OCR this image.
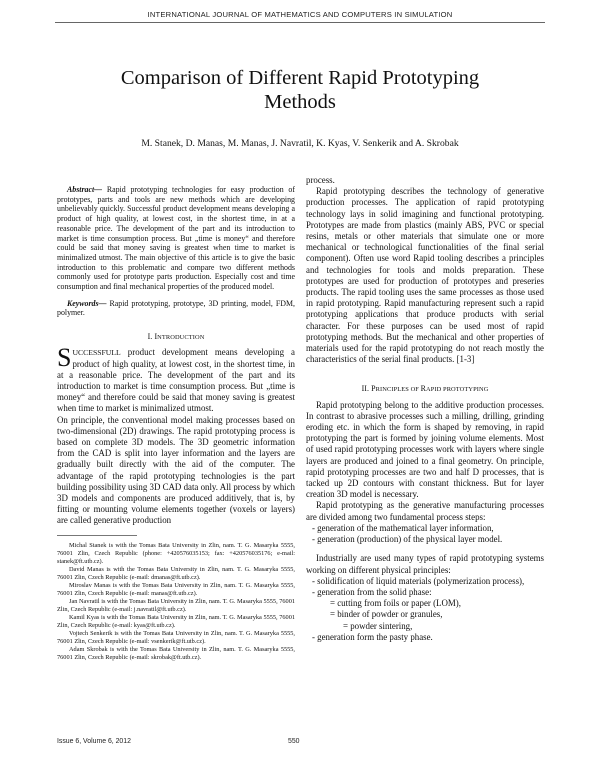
INTERNATIONAL JOURNAL OF MATHEMATICS AND COMPUTERS IN SIMULATION
Comparison of Different Rapid Prototyping
Methods
M. Stanek, D. Manas, M. Manas, J. Navratil, K. Kyas, V. Senkerik and A. Skrobak

Abstract— Rapid prototyping technologies for easy production of prototypes, parts and tools are new methods which are developing unbelievably quickly. Successful product development means developing a product of high quality, at lowest cost, in the shortest time, in at a reasonable price. The development of the part and its introduction to market is time consumption process. But „time is money“ and therefore could be said that money saving is greatest when time to market is minimalized utmost. The main objective of this article is to give the basic introduction to this problematic and compare two different methods commonly used for prototype parts production. Especially cost and time consumption and final mechanical properties of the produced model.

Keywords— Rapid prototyping, prototype, 3D printing, model, FDM, polymer.

I. INTRODUCTION

SUCCESSFULL product development means developing a product of high quality, at lowest cost, in the shortest time, in at a reasonable price. The development of the part and its introduction to market is time consumption process. But „time is money“ and therefore could be said that money saving is greatest when time to market is minimalized utmost.

On principle, the conventional model making processes based on two-dimensional (2D) drawings. The rapid prototyping process is based on complete 3D models. The 3D geometric information from the CAD is split into layer information and the layers are gradually built directly with the aid of the computer. The advantage of the rapid prototyping technologies is the part building possibility using 3D CAD data only. All process by which 3D models and components are produced additively, that is, by fitting or mounting volume elements together (voxels or layers) are called generative production

Michal Stanek is with the Tomas Bata University in Zlin, nam. T. G. Masaryka 5555, 76001 Zlin, Czech Republic (phone: +420576035153; fax: +420576035176; e-mail: stanek@ft.utb.cz).
David Manas is with the Tomas Bata University in Zlin, nam. T. G. Masaryka 5555, 76001 Zlin, Czech Republic (e-mail: dmanas@ft.utb.cz).
Miroslav Manas is with the Tomas Bata University in Zlin, nam. T. G. Masaryka 5555, 76001 Zlin, Czech Republic (e-mail: manas@ft.utb.cz).
Jan Navratil is with the Tomas Bata University in Zlin, nam. T. G. Masaryka 5555, 76001 Zlin, Czech Republic (e-mail: j.navratil@ft.utb.cz).
Kamil Kyas is with the Tomas Bata University in Zlin, nam. T. G. Masaryka 5555, 76001 Zlin, Czech Republic (e-mail: kyas@ft.utb.cz).
Vojtech Senkerik is with the Tomas Bata University in Zlin, nam. T. G. Masaryka 5555, 76001 Zlin, Czech Republic (e-mail: vsenkerik@ft.utb.cz).
Adam Skrobak is with the Tomas Bata University in Zlin, nam. T. G. Masaryka 5555, 76001 Zlin, Czech Republic (e-mail: skrobak@ft.utb.cz).

process.

Rapid prototyping describes the technology of generative production processes. The application of rapid prototyping technology lays in solid imagining and functional prototyping. Prototypes are made from plastics (mainly ABS, PVC or special resins, metals or other materials that simulate one or more mechanical or technological functionalities of the final serial component). Often use word Rapid tooling describes a principles and technologies for tools and molds preparation. These prototypes are used for production of prototypes and preseries products. The rapid tooling uses the same processes as those used in rapid prototyping. Rapid manufacturing represent such a rapid prototyping applications that produce products with serial character. For these purposes can be used most of rapid prototyping methods. But the mechanical and other properties of materials used for the rapid prototyping do not reach mostly the characteristics of the serial final products. [1-3]

II. PRINCIPLES OF RAPID PROTOTYPING

Rapid prototyping belong to the additive production processes. In contrast to abrasive processes such a milling, drilling, grinding eroding etc. in which the form is shaped by removing, in rapid prototyping the part is formed by joining volume elements. Most of used rapid prototyping processes work with layers where single layers are produced and joined to a final geometry. On principle, rapid prototyping processes are two and half D processes, that is tacked up 2D contours with constant thickness. But for layer creation 3D model is necessary.

Rapid prototyping as the generative manufacturing processes are divided among two fundamental process steps:

- generation of the mathematical layer information,
- generation (production) of the physical layer model.

Industrially are used many types of rapid prototyping systems working on different physical principles:

- solidification of liquid materials (polymerization process),
- generation from the solid phase:
= cutting from foils or paper (LOM),
= binder of powder or granules,
= powder sintering,
- generation form the pasty phase.
Issue 6, Volume 6, 2012	550
